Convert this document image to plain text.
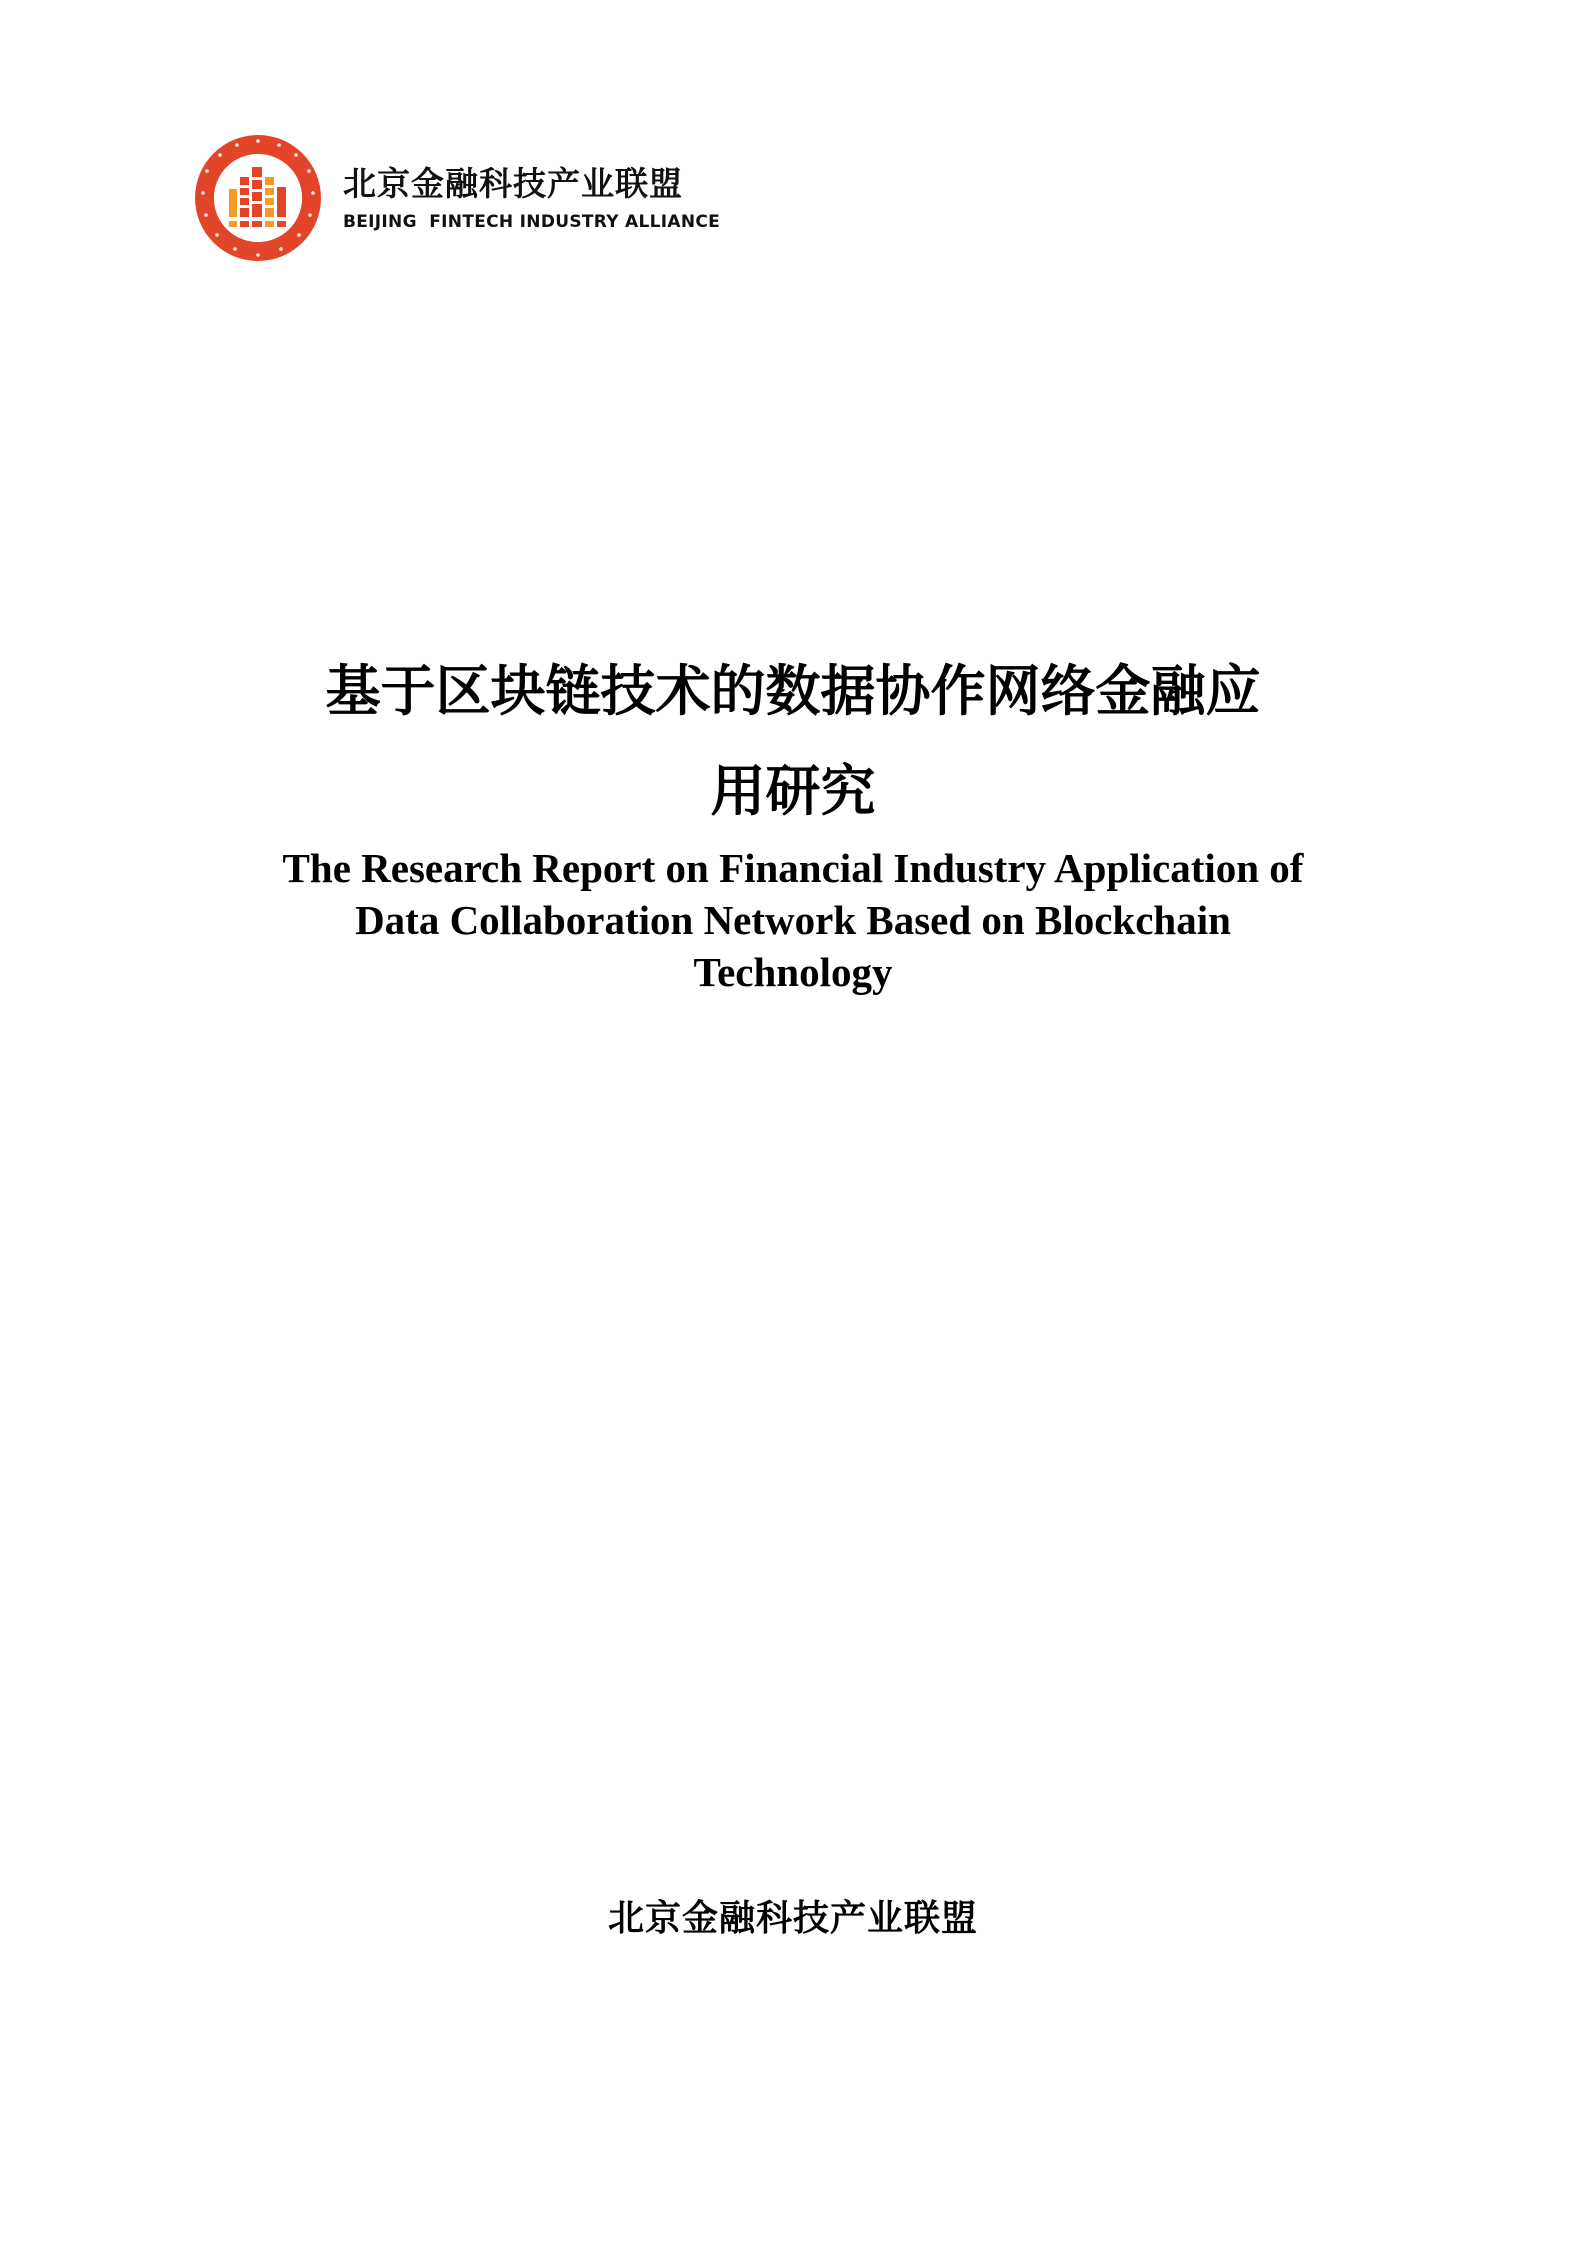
北京金融科技产业联盟
BEIJING  FINTECH INDUSTRY ALLIANCE
基于区块链技术的数据协作网络金融应
用研究
The Research Report on Financial Industry Application of
Data Collaboration Network Based on Blockchain
Technology
北京金融科技产业联盟
